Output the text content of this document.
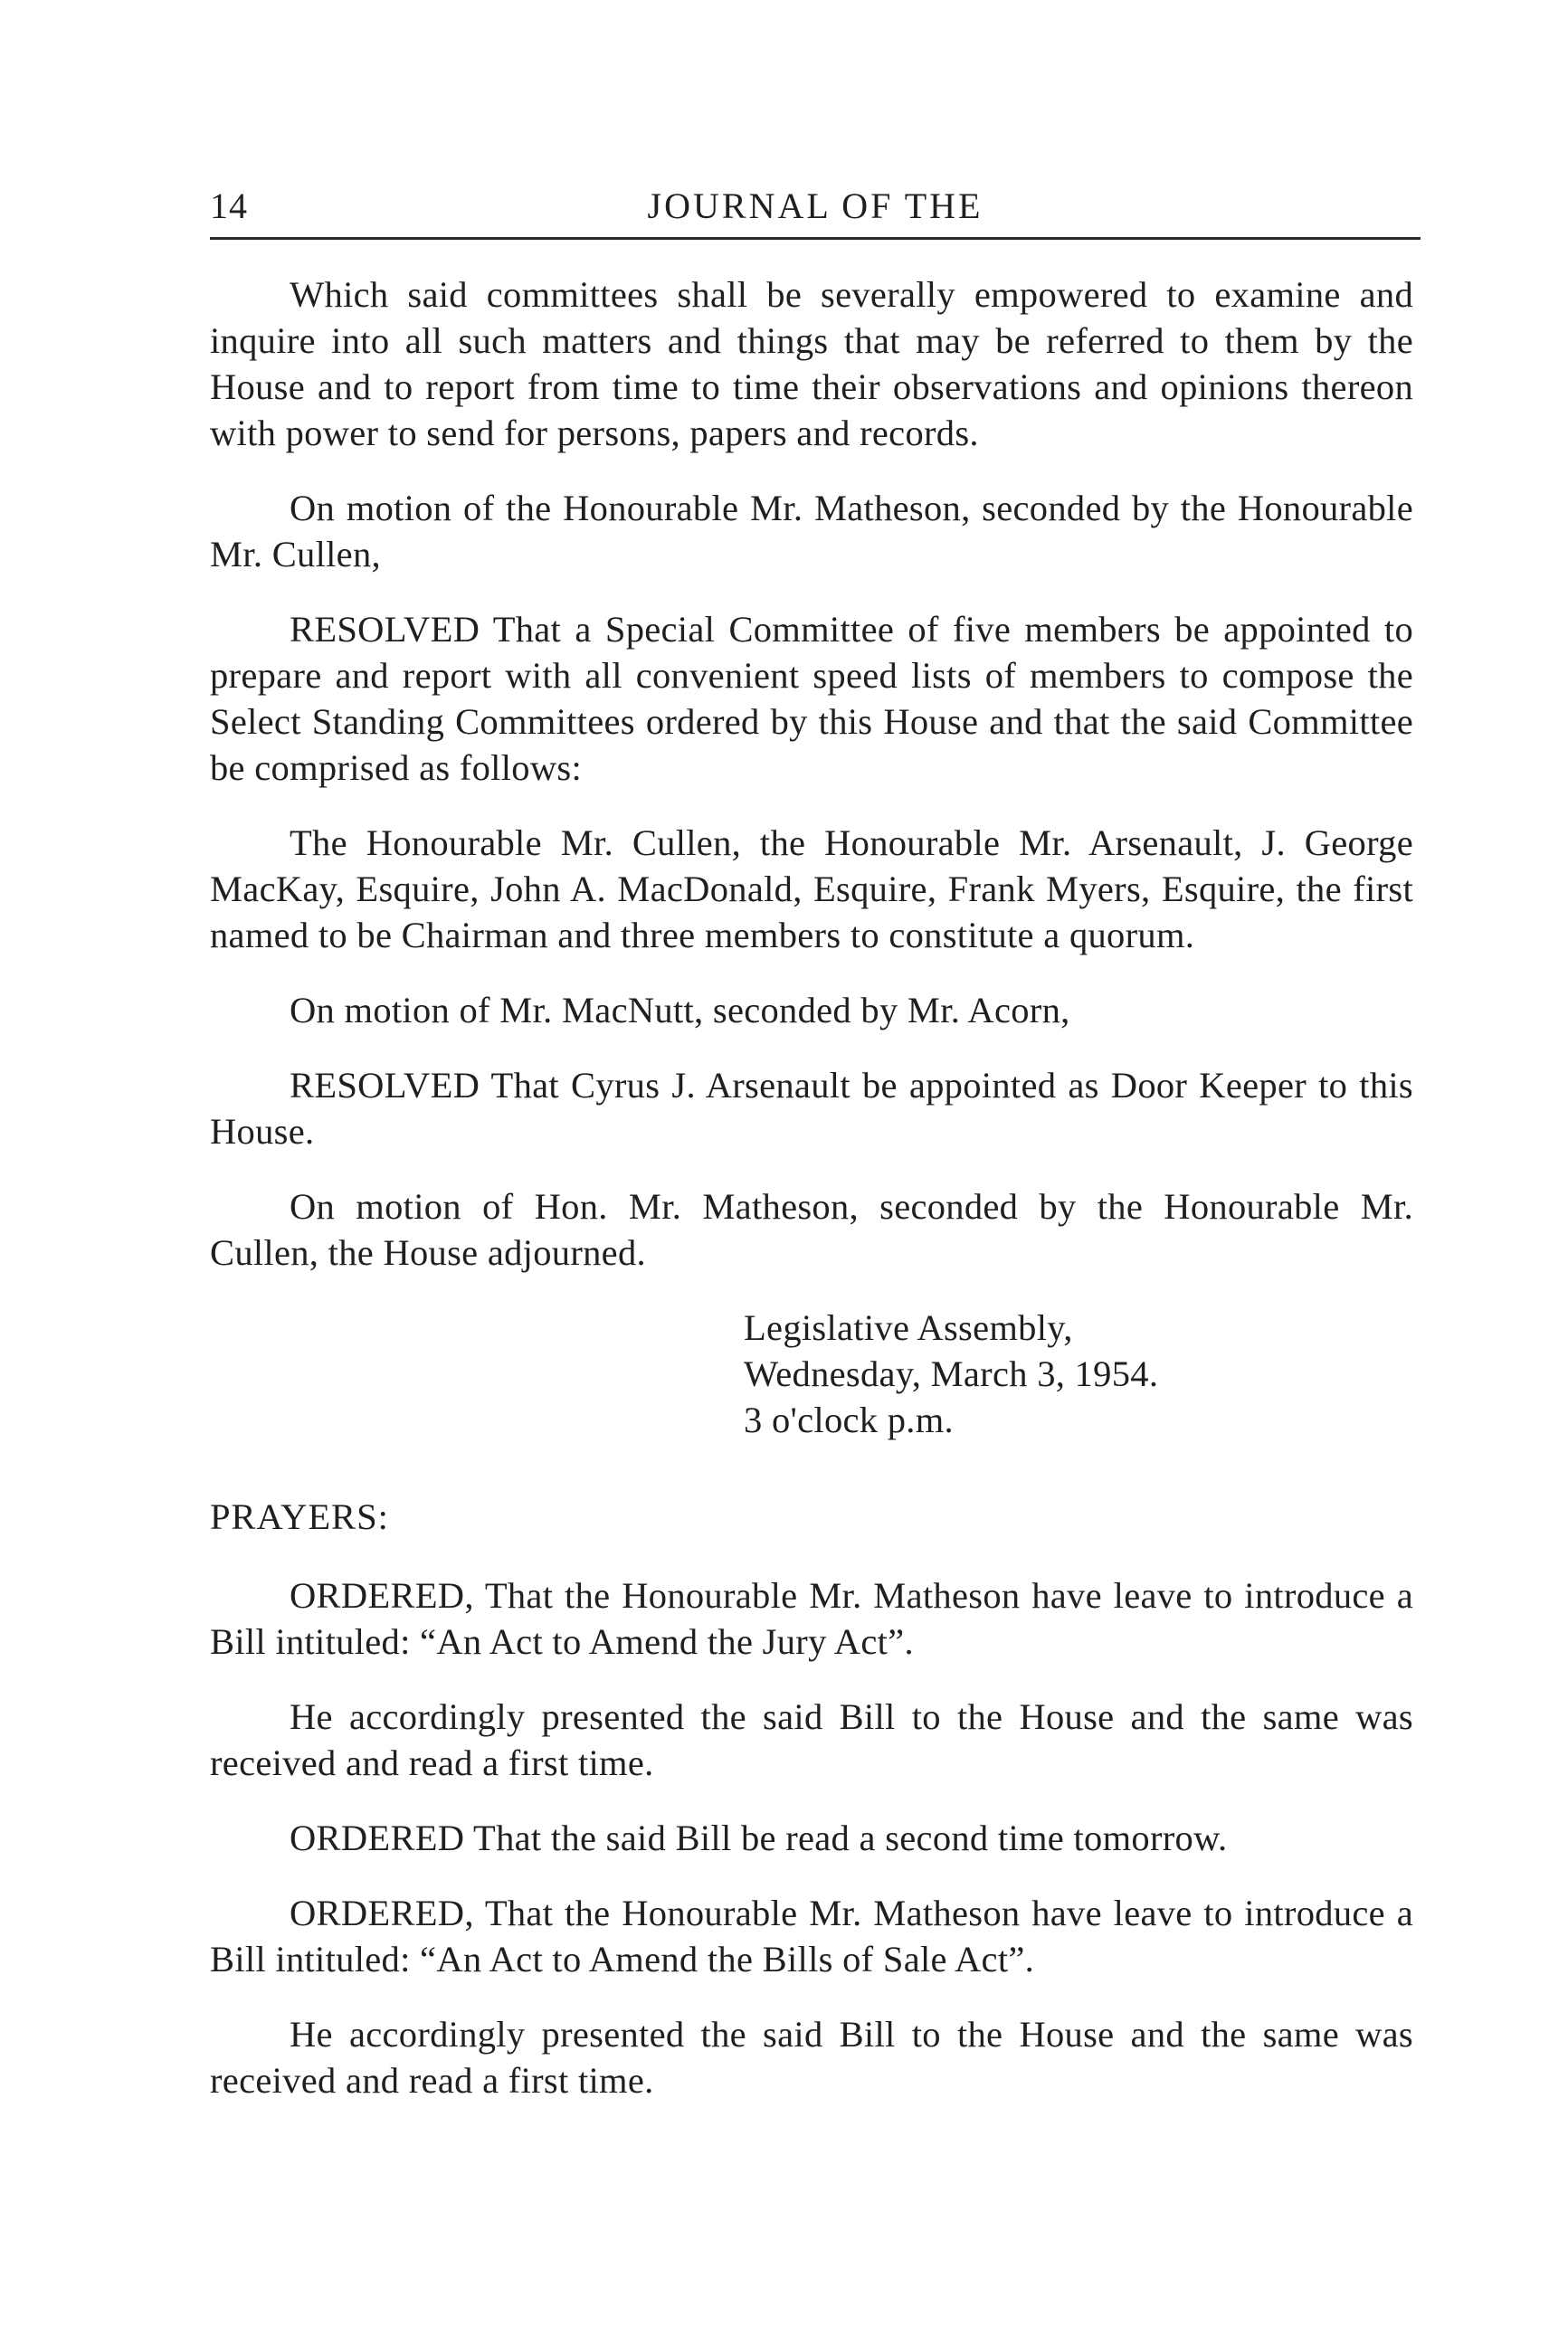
14	JOURNAL OF THE

Which said committees shall be severally empowered to examine and inquire into all such matters and things that may be referred to them by the House and to report from time to time their observations and opinions thereon with power to send for persons, papers and records.

On motion of the Honourable Mr. Matheson, seconded by the Honourable Mr. Cullen,

RESOLVED That a Special Committee of five members be appointed to prepare and report with all convenient speed lists of members to compose the Select Standing Committees ordered by this House and that the said Committee be comprised as follows:

The Honourable Mr. Cullen, the Honourable Mr. Arsenault, J. George MacKay, Esquire, John A. MacDonald, Esquire, Frank Myers, Esquire, the first named to be Chairman and three members to constitute a quorum.

On motion of Mr. MacNutt, seconded by Mr. Acorn,

RESOLVED That Cyrus J. Arsenault be appointed as Door Keeper to this House.

On motion of Hon. Mr. Matheson, seconded by the Honourable Mr. Cullen, the House adjourned.

Legislative Assembly,
Wednesday, March 3, 1954.
3 o'clock p.m.

PRAYERS:

ORDERED, That the Honourable Mr. Matheson have leave to introduce a Bill intituled: “An Act to Amend the Jury Act”.

He accordingly presented the said Bill to the House and the same was received and read a first time.

ORDERED That the said Bill be read a second time tomorrow.

ORDERED, That the Honourable Mr. Matheson have leave to introduce a Bill intituled: “An Act to Amend the Bills of Sale Act”.

He accordingly presented the said Bill to the House and the same was received and read a first time.
